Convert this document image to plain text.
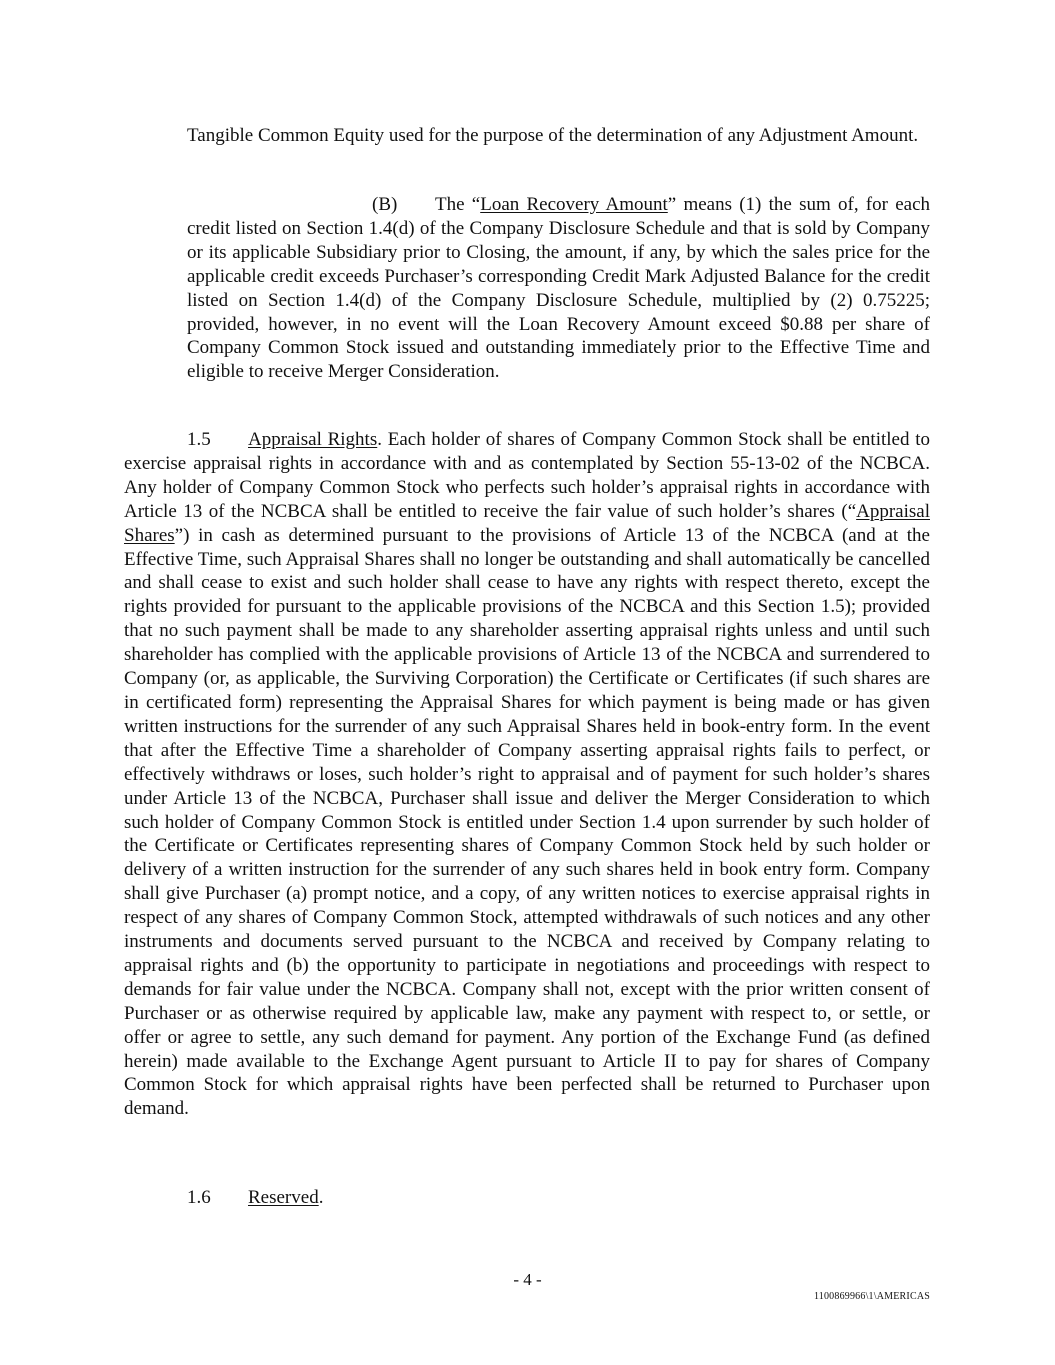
Tangible Common Equity used for the purpose of the determination of any Adjustment Amount.

(B) The “Loan Recovery Amount” means (1) the sum of, for each credit listed on Section 1.4(d) of the Company Disclosure Schedule and that is sold by Company or its applicable Subsidiary prior to Closing, the amount, if any, by which the sales price for the applicable credit exceeds Purchaser’s corresponding Credit Mark Adjusted Balance for the credit listed on Section 1.4(d) of the Company Disclosure Schedule, multiplied by (2) 0.75225; provided, however, in no event will the Loan Recovery Amount exceed $0.88 per share of Company Common Stock issued and outstanding immediately prior to the Effective Time and eligible to receive Merger Consideration.

1.5 Appraisal Rights. Each holder of shares of Company Common Stock shall be entitled to exercise appraisal rights in accordance with and as contemplated by Section 55-13-02 of the NCBCA. Any holder of Company Common Stock who perfects such holder’s appraisal rights in accordance with Article 13 of the NCBCA shall be entitled to receive the fair value of such holder’s shares (“Appraisal Shares”) in cash as determined pursuant to the provisions of Article 13 of the NCBCA (and at the Effective Time, such Appraisal Shares shall no longer be outstanding and shall automatically be cancelled and shall cease to exist and such holder shall cease to have any rights with respect thereto, except the rights provided for pursuant to the applicable provisions of the NCBCA and this Section 1.5); provided that no such payment shall be made to any shareholder asserting appraisal rights unless and until such shareholder has complied with the applicable provisions of Article 13 of the NCBCA and surrendered to Company (or, as applicable, the Surviving Corporation) the Certificate or Certificates (if such shares are in certificated form) representing the Appraisal Shares for which payment is being made or has given written instructions for the surrender of any such Appraisal Shares held in book-entry form. In the event that after the Effective Time a shareholder of Company asserting appraisal rights fails to perfect, or effectively withdraws or loses, such holder’s right to appraisal and of payment for such holder’s shares under Article 13 of the NCBCA, Purchaser shall issue and deliver the Merger Consideration to which such holder of Company Common Stock is entitled under Section 1.4 upon surrender by such holder of the Certificate or Certificates representing shares of Company Common Stock held by such holder or delivery of a written instruction for the surrender of any such shares held in book entry form. Company shall give Purchaser (a) prompt notice, and a copy, of any written notices to exercise appraisal rights in respect of any shares of Company Common Stock, attempted withdrawals of such notices and any other instruments and documents served pursuant to the NCBCA and received by Company relating to appraisal rights and (b) the opportunity to participate in negotiations and proceedings with respect to demands for fair value under the NCBCA. Company shall not, except with the prior written consent of Purchaser or as otherwise required by applicable law, make any payment with respect to, or settle, or offer or agree to settle, any such demand for payment. Any portion of the Exchange Fund (as defined herein) made available to the Exchange Agent pursuant to Article II to pay for shares of Company Common Stock for which appraisal rights have been perfected shall be returned to Purchaser upon demand.

1.6 Reserved.

- 4 -
1100869966\1\AMERICAS
